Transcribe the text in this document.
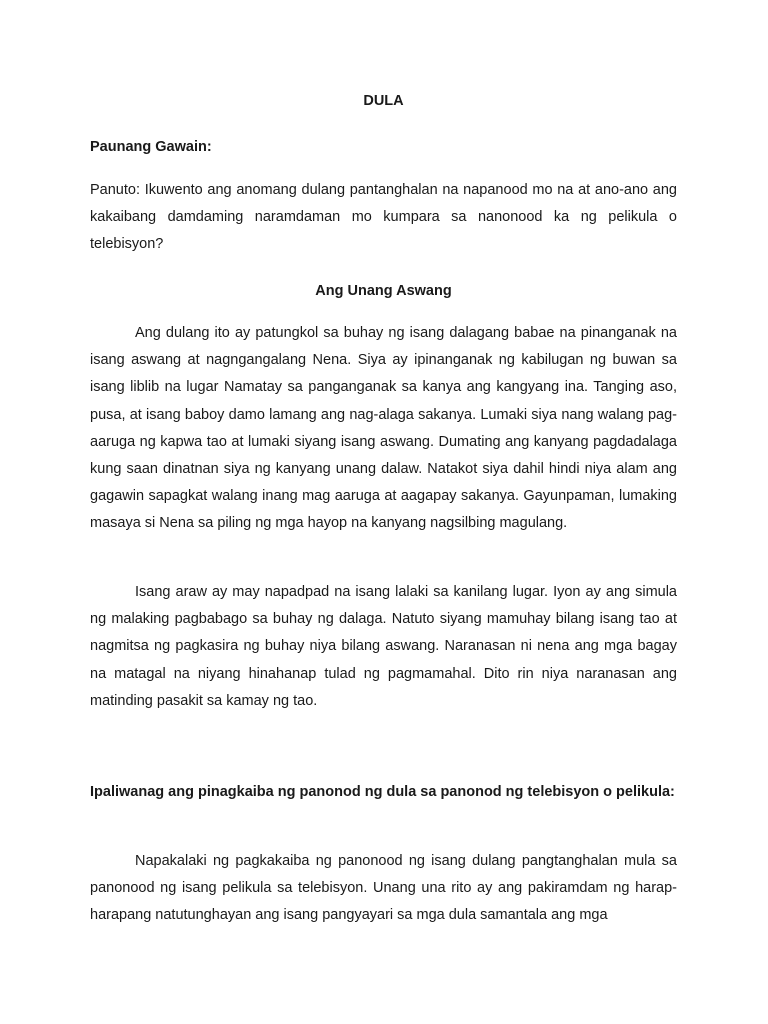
DULA
Paunang Gawain:

Panuto: Ikuwento ang anomang dulang pantanghalan na napanood mo na at ano-ano ang kakaibang damdaming naramdaman mo kumpara sa nanonood ka ng pelikula o telebisyon?

Ang Unang Aswang

Ang dulang ito ay patungkol sa buhay ng isang dalagang babae na pinanganak na isang aswang at nagngangalang Nena. Siya ay ipinanganak ng kabilugan ng buwan sa isang liblib na lugar Namatay sa panganganak sa kanya ang kangyang ina. Tanging aso, pusa, at isang baboy damo lamang ang nag-alaga sakanya. Lumaki siya nang walang pag-aaruga ng kapwa tao at lumaki siyang isang aswang. Dumating ang kanyang pagdadalaga kung saan dinatnan siya ng kanyang unang dalaw. Natakot siya dahil hindi niya alam ang gagawin sapagkat walang inang mag aaruga at aagapay sakanya. Gayunpaman, lumaking masaya si Nena sa piling ng mga hayop na kanyang nagsilbing magulang.

Isang araw ay may napadpad na isang lalaki sa kanilang lugar. Iyon ay ang simula ng malaking pagbabago sa buhay ng dalaga. Natuto siyang mamuhay bilang isang tao at nagmitsa ng pagkasira ng buhay niya bilang aswang. Naranasan ni nena ang mga bagay na matagal na niyang hinahanap tulad ng pagmamahal. Dito rin niya naranasan ang matinding pasakit sa kamay ng tao.

Ipaliwanag ang pinagkaiba ng panonod ng dula sa panonod ng telebisyon o pelikula:

Napakalaki ng pagkakaiba ng panonood ng isang dulang pangtanghalan mula sa panonood ng isang pelikula sa telebisyon. Unang una rito ay ang pakiramdam ng harap-harapang natutunghayan ang isang pangyayari sa mga dula samantala ang mga
